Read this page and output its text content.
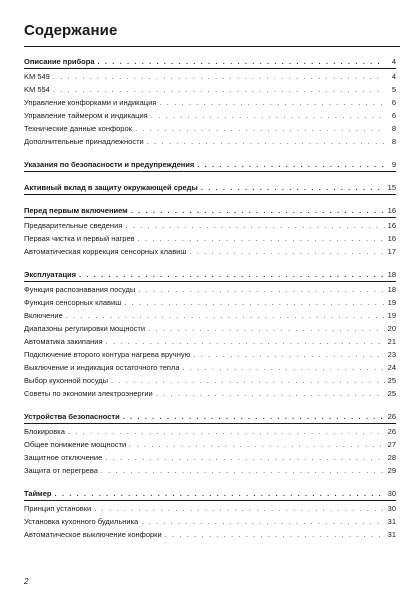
Содержание
Описание прибора . . .	4
KM 549 . . .	4
KM 554 . . .	5
Управление конфорками и индикация . . .	6
Управление таймером и индикация . . .	6
Технические данные конфорок . . .	8
Дополнительные принадлежности . . .	8
Указания по безопасности и предупреждения . . .	9
Активный вклад в защиту окружающей среды . . .	15
Перед первым включением . . .	16
Предварительные сведения . . .	16
Первая чистка и первый нагрев . . .	16
Автоматическая коррекция сенсорных клавиш . . .	17
Эксплуатация . . .	18
Функция распознавания посуды . . .	18
Функция сенсорных клавиш . . .	19
Включение . . .	19
Диапазоны регулировки мощности . . .	20
Автоматика закипания . . .	21
Подключение второго контура нагрева вручную . . .	23
Выключение и индикация остаточного тепла . . .	24
Выбор кухонной посуды . . .	25
Советы по экономии электроэнергии . . .	25
Устройства безопасности . . .	26
Блокировка . . .	26
Общее понижение мощности . . .	27
Защитное отключение . . .	28
Защита от перегрева . . .	29
Таймер . . .	30
Принцип установки . . .	30
Установка кухонного будильника . . .	31
Автоматическое выключение конфорки . . .	31
2
